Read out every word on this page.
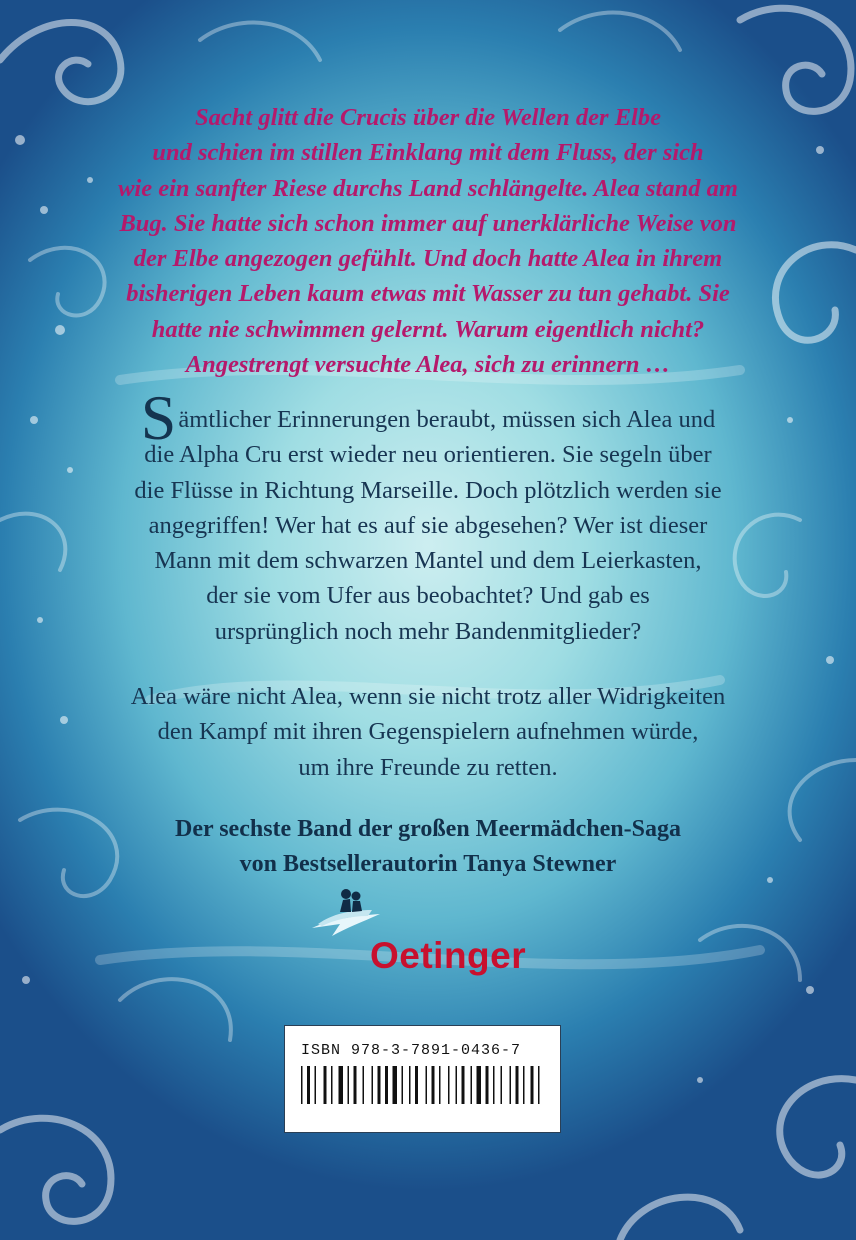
Sacht glitt die Crucis über die Wellen der Elbe
und schien im stillen Einklang mit dem Fluss, der sich
wie ein sanfter Riese durchs Land schlängelte. Alea stand am
Bug. Sie hatte sich schon immer auf unerklärliche Weise von
der Elbe angezogen gefühlt. Und doch hatte Alea in ihrem
bisherigen Leben kaum etwas mit Wasser zu tun gehabt. Sie
hatte nie schwimmen gelernt. Warum eigentlich nicht?
Angestrengt versuchte Alea, sich zu erinnern …
Sämtlicher Erinnerungen beraubt, müssen sich Alea und
die Alpha Cru erst wieder neu orientieren. Sie segeln über
die Flüsse in Richtung Marseille. Doch plötzlich werden sie
angegriffen! Wer hat es auf sie abgesehen? Wer ist dieser
Mann mit dem schwarzen Mantel und dem Leierkasten,
der sie vom Ufer aus beobachtet? Und gab es
ursprünglich noch mehr Bandenmitglieder?
Alea wäre nicht Alea, wenn sie nicht trotz aller Widrigkeiten
den Kampf mit ihren Gegenspielern aufnehmen würde,
um ihre Freunde zu retten.
Der sechste Band der großen Meermädchen-Saga
von Bestsellerautorin Tanya Stewner
Oetinger
ISBN 978-3-7891-0436-7
